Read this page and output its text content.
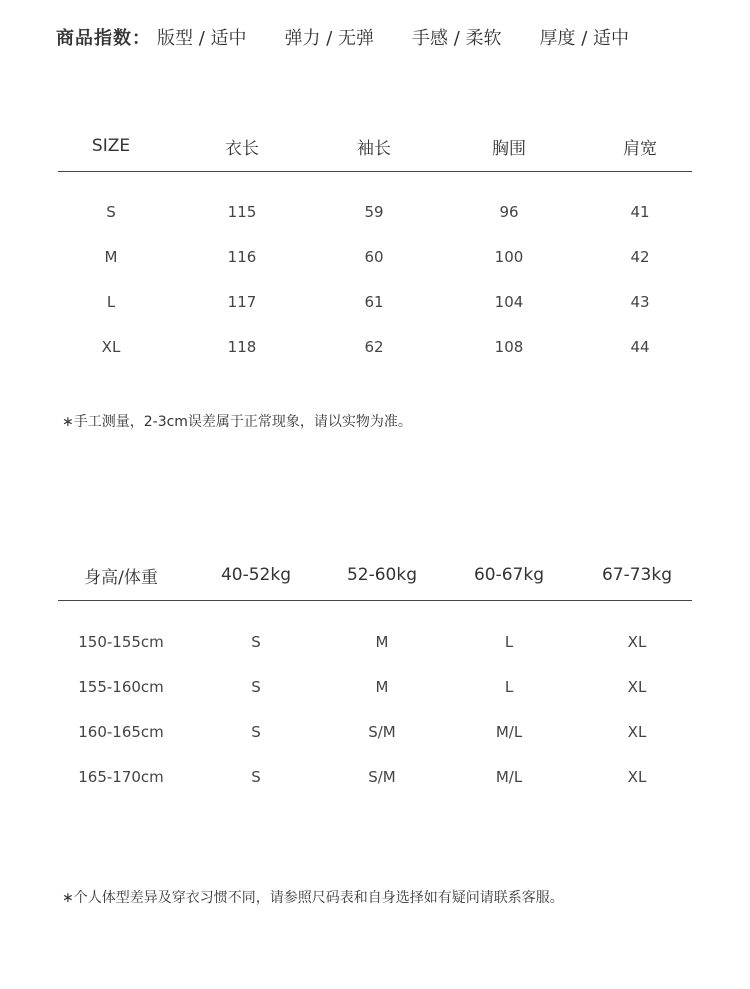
商品指数： 版型 / 适中 弹力 / 无弹 手感 / 柔软 厚度 / 适中
SIZE	衣长	袖长	胸围	肩宽
S	115	59	96	41
M	116	60	100	42
L	117	61	104	43
XL	118	62	108	44
∗手工测量，2-3cm误差属于正常现象，请以实物为准。
身高/体重	40-52kg	52-60kg	60-67kg	67-73kg
150-155cm	S	M	L	XL
155-160cm	S	M	L	XL
160-165cm	S	S/M	M/L	XL
165-170cm	S	S/M	M/L	XL
∗个人体型差异及穿衣习惯不同，请参照尺码表和自身选择如有疑问请联系客服。
